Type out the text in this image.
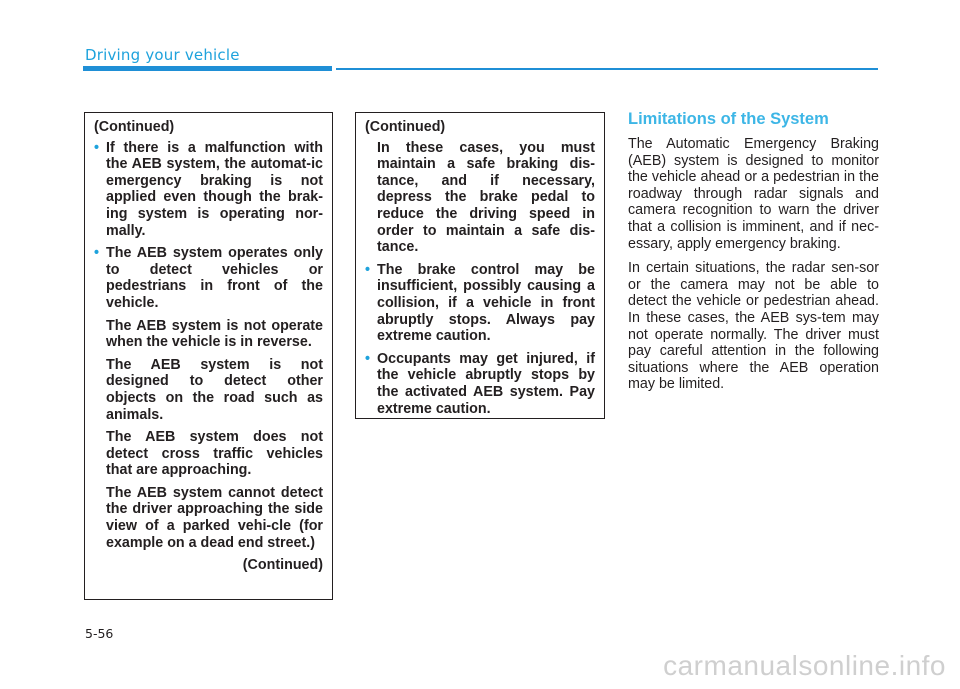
Driving your vehicle
(Continued)
• If there is a malfunction with the AEB system, the automat-ic emergency braking is not applied even though the brak-ing system is operating nor-mally.
• The AEB system operates only to detect vehicles or pedestrians in front of the vehicle.
The AEB system is not operate when the vehicle is in reverse.
The AEB system is not designed to detect other objects on the road such as animals.
The AEB system does not detect cross traffic vehicles that are approaching.
The AEB system cannot detect the driver approaching the side view of a parked vehi-cle (for example on a dead end street.)
(Continued)
(Continued)
In these cases, you must maintain a safe braking dis-tance, and if necessary, depress the brake pedal to reduce the driving speed in order to maintain a safe dis-tance.
• The brake control may be insufficient, possibly causing a collision, if a vehicle in front abruptly stops. Always pay extreme caution.
• Occupants may get injured, if the vehicle abruptly stops by the activated AEB system. Pay extreme caution.
Limitations of the System

The Automatic Emergency Braking (AEB) system is designed to monitor the vehicle ahead or a pedestrian in the roadway through radar signals and camera recognition to warn the driver that a collision is imminent, and if nec-essary, apply emergency braking.

In certain situations, the radar sen-sor or the camera may not be able to detect the vehicle or pedestrian ahead. In these cases, the AEB sys-tem may not operate normally. The driver must pay careful attention in the following situations where the AEB operation may be limited.

5-56
carmanualsonline.info
